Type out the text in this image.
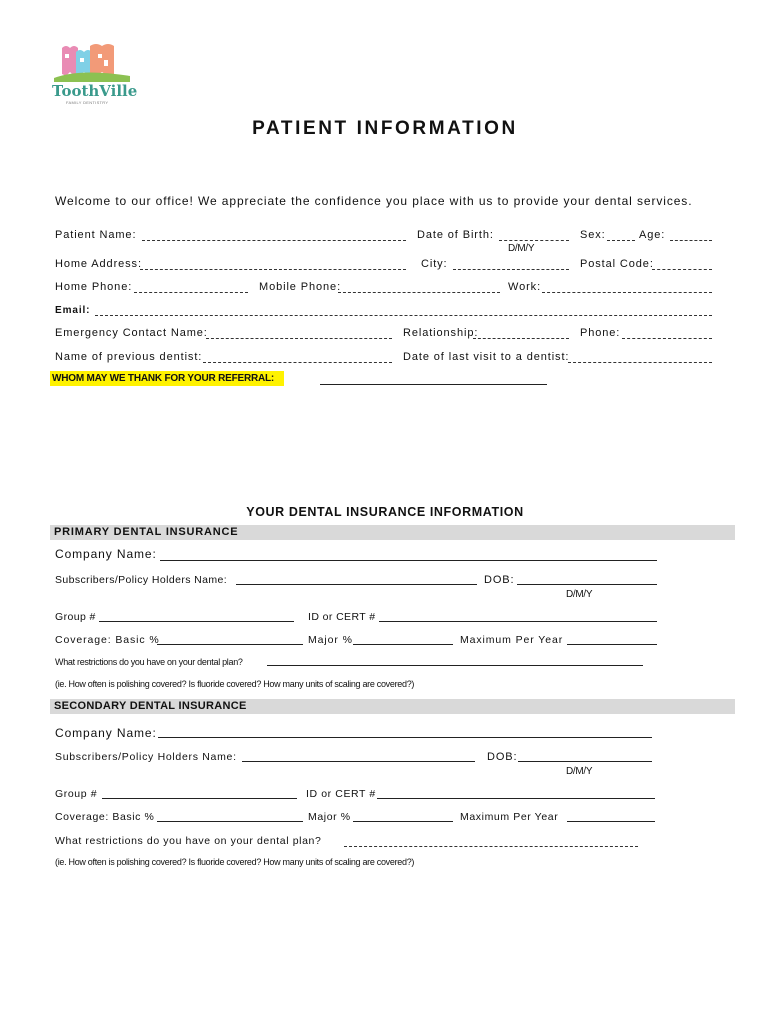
ToothVille
FAMILY DENTISTRY
PATIENT INFORMATION
Welcome to our office! We appreciate the confidence you place with us to provide your dental services.
Patient Name:	Date of Birth:
D/M/Y
Sex:	Age:
Home Address:	City:	Postal Code:
Home Phone:	Mobile Phone:	Work:
Email:
Emergency Contact Name:	Relationship:	Phone:
Name of previous dentist:	Date of last visit to a dentist:
WHOM MAY WE THANK FOR YOUR REFERRAL:
YOUR DENTAL INSURANCE INFORMATION
PRIMARY DENTAL INSURANCE
Company Name:
Subscribers/Policy Holders Name:	DOB:
D/M/Y
Group #	ID or CERT #
Coverage: Basic %	Major %	Maximum Per Year
What restrictions do you have on your dental plan?
(ie. How often is polishing covered? Is fluoride covered? How many units of scaling are covered?)
SECONDARY DENTAL INSURANCE
Company Name:
Subscribers/Policy Holders Name:	DOB:
D/M/Y
Group #	ID or CERT #
Coverage: Basic %	Major %	Maximum Per Year
What restrictions do you have on your dental plan?
(ie. How often is polishing covered? Is fluoride covered? How many units of scaling are covered?)
